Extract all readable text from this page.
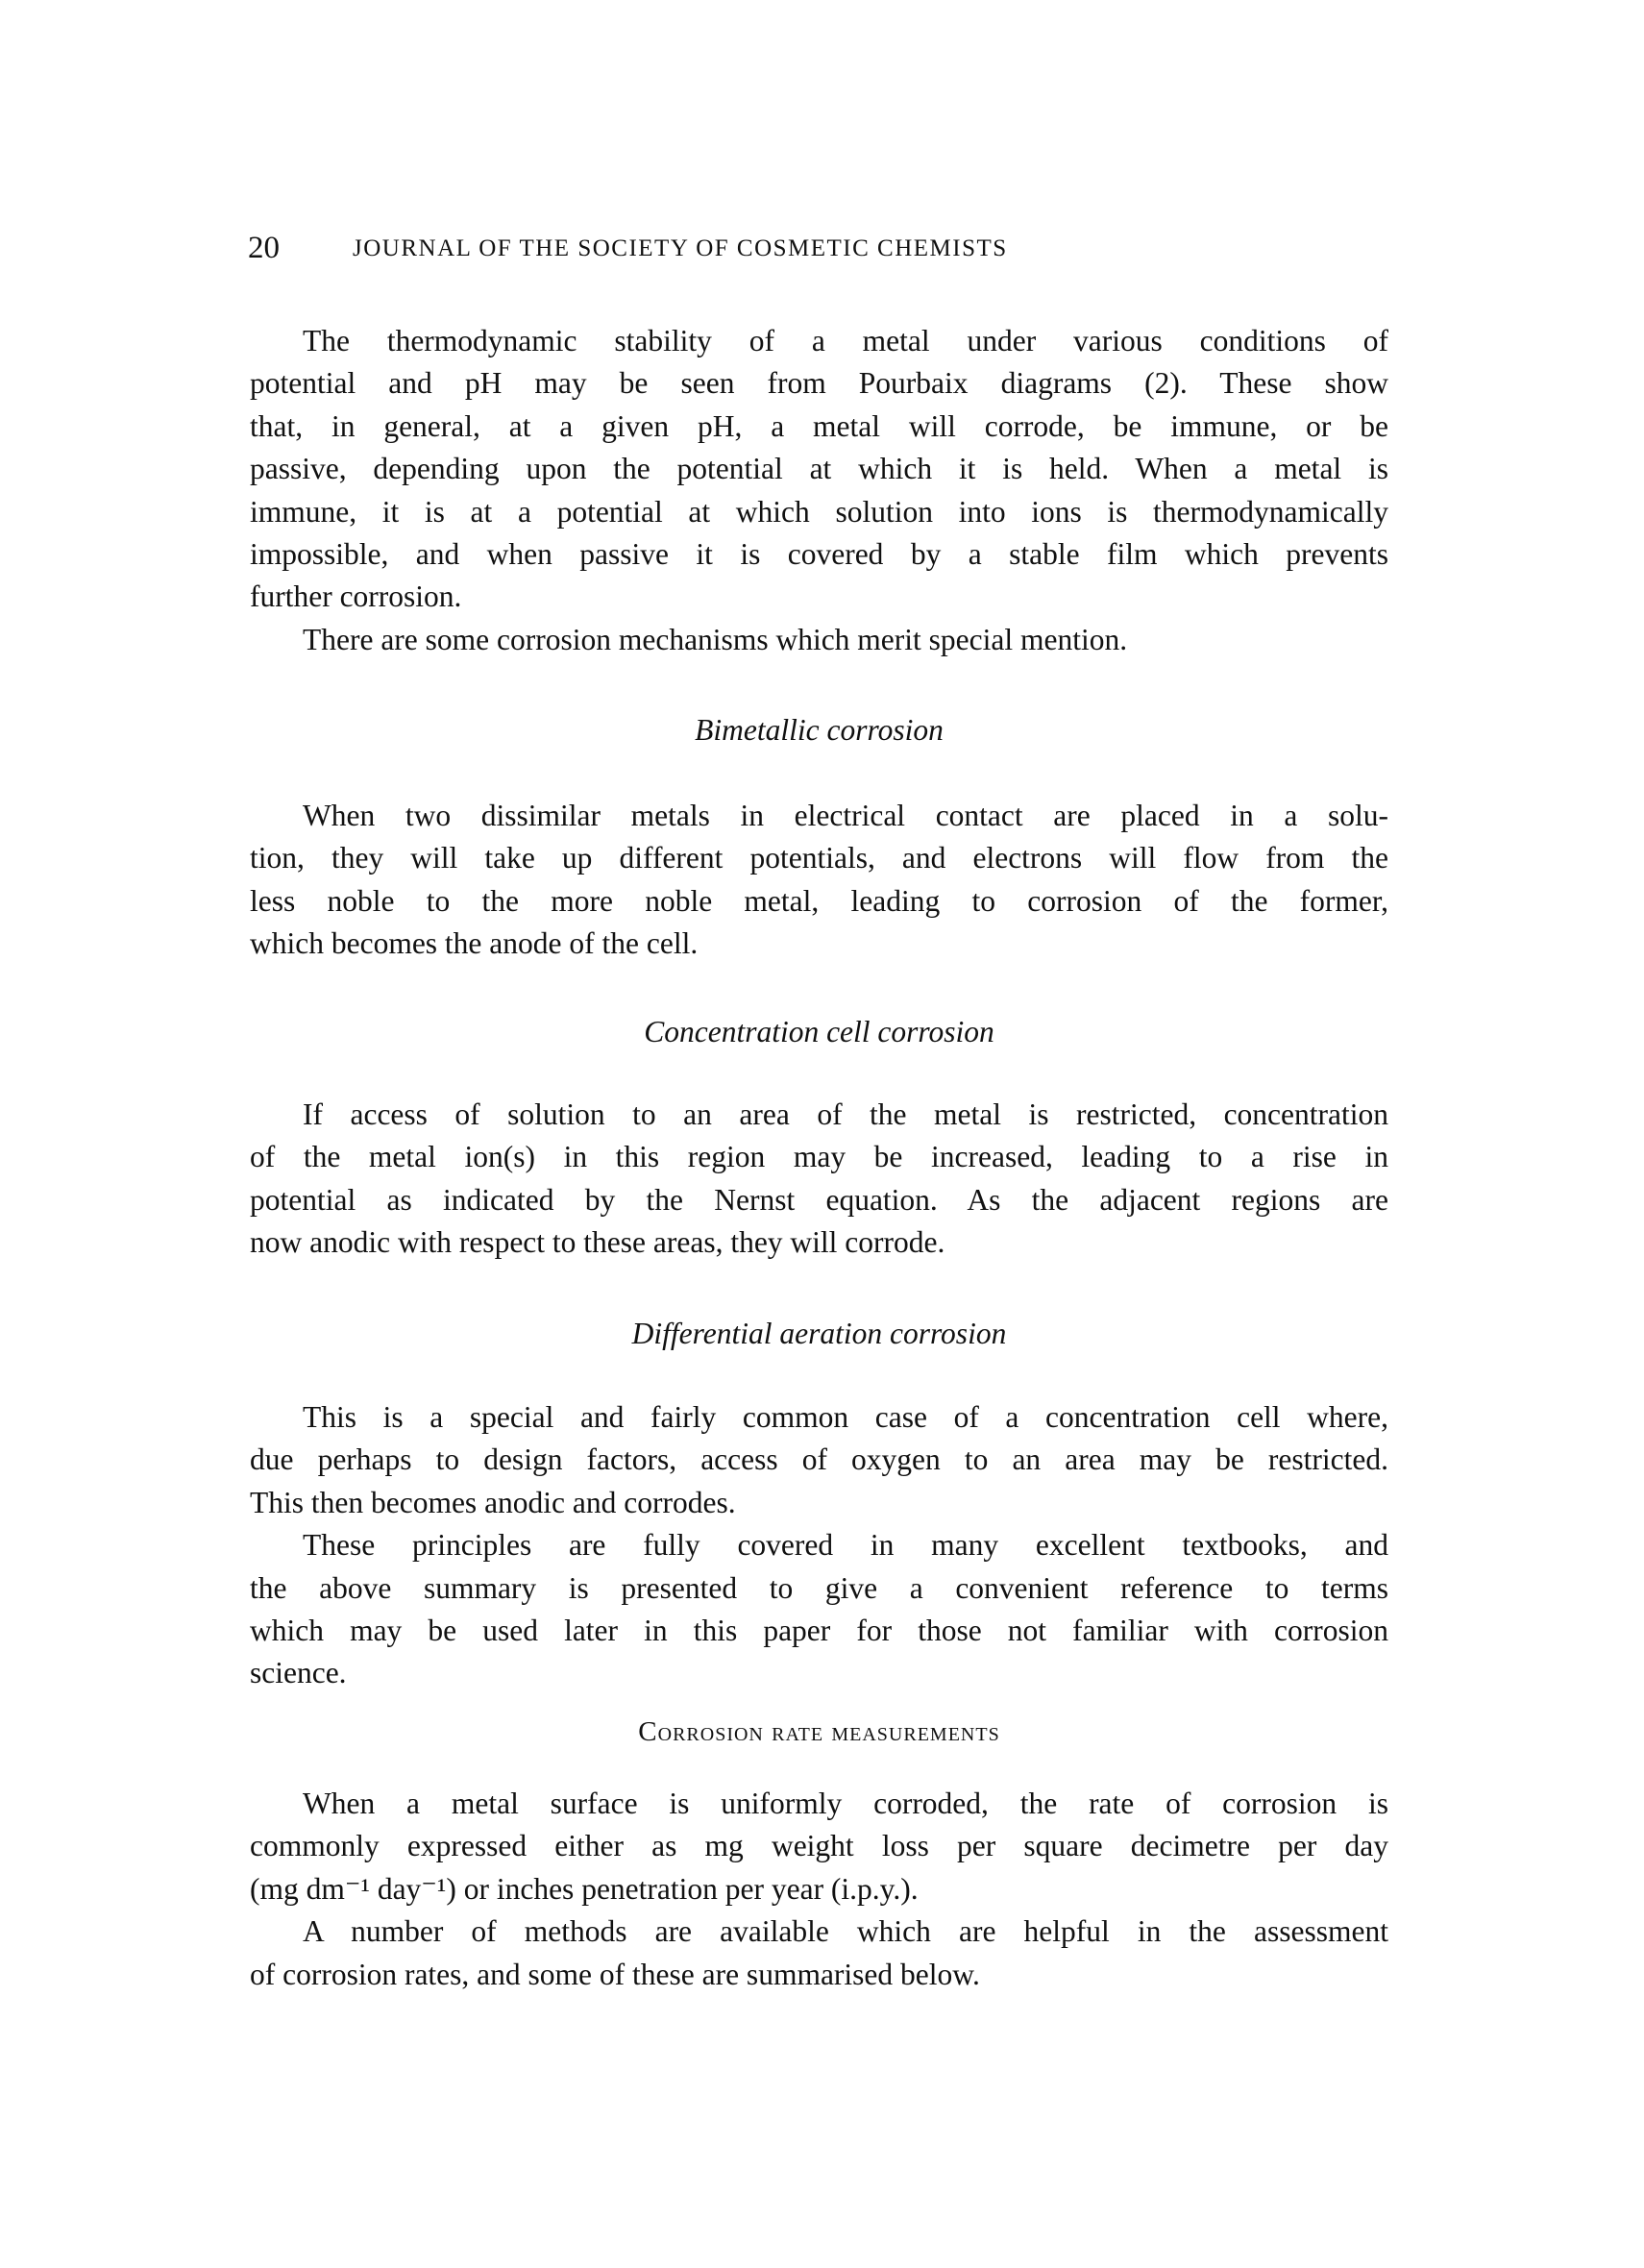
20	JOURNAL OF THE SOCIETY OF COSMETIC CHEMISTS
The thermodynamic stability of a metal under various conditions of
potential and pH may be seen from Pourbaix diagrams (2). These show
that, in general, at a given pH, a metal will corrode, be immune, or be
passive, depending upon the potential at which it is held. When a metal is
immune, it is at a potential at which solution into ions is thermodynamically
impossible, and when passive it is covered by a stable film which prevents
further corrosion.
There are some corrosion mechanisms which merit special mention.
Bimetallic corrosion
When two dissimilar metals in electrical contact are placed in a solu-
tion, they will take up different potentials, and electrons will flow from the
less noble to the more noble metal, leading to corrosion of the former,
which becomes the anode of the cell.
Concentration cell corrosion
If access of solution to an area of the metal is restricted, concentration
of the metal ion(s) in this region may be increased, leading to a rise in
potential as indicated by the Nernst equation. As the adjacent regions are
now anodic with respect to these areas, they will corrode.
Differential aeration corrosion
This is a special and fairly common case of a concentration cell where,
due perhaps to design factors, access of oxygen to an area may be restricted.
This then becomes anodic and corrodes.
These principles are fully covered in many excellent textbooks, and
the above summary is presented to give a convenient reference to terms
which may be used later in this paper for those not familiar with corrosion
science.
Corrosion rate measurements
When a metal surface is uniformly corroded, the rate of corrosion is
commonly expressed either as mg weight loss per square decimetre per day
(mg dm⁻¹ day⁻¹) or inches penetration per year (i.p.y.).
A number of methods are available which are helpful in the assessment
of corrosion rates, and some of these are summarised below.
